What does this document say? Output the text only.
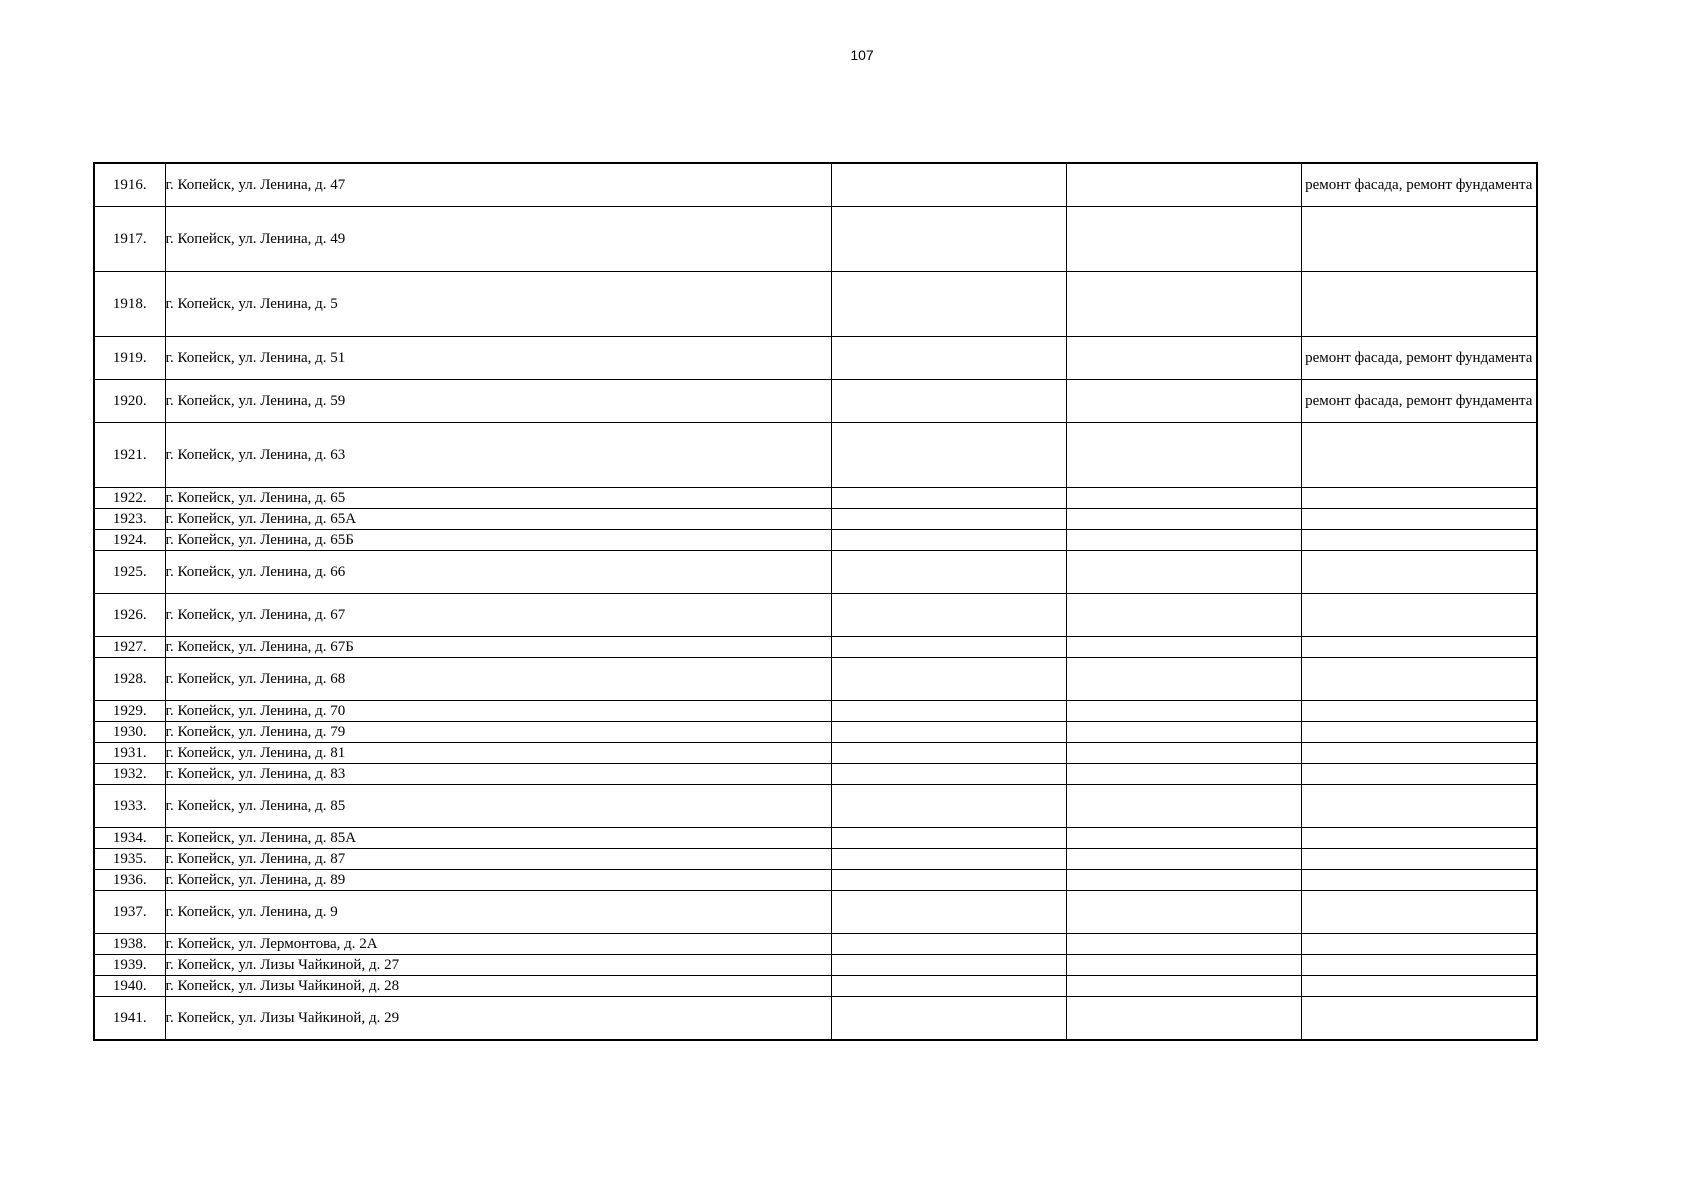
107
1916.	г. Копейск, ул. Ленина, д. 47			ремонт фасада, ремонт фундамента
1917.	г. Копейск, ул. Ленина, д. 49			
1918.	г. Копейск, ул. Ленина, д. 5			
1919.	г. Копейск, ул. Ленина, д. 51			ремонт фасада, ремонт фундамента
1920.	г. Копейск, ул. Ленина, д. 59			ремонт фасада, ремонт фундамента
1921.	г. Копейск, ул. Ленина, д. 63			
1922.	г. Копейск, ул. Ленина, д. 65			
1923.	г. Копейск, ул. Ленина, д. 65А			
1924.	г. Копейск, ул. Ленина, д. 65Б			
1925.	г. Копейск, ул. Ленина, д. 66			
1926.	г. Копейск, ул. Ленина, д. 67			
1927.	г. Копейск, ул. Ленина, д. 67Б			
1928.	г. Копейск, ул. Ленина, д. 68			
1929.	г. Копейск, ул. Ленина, д. 70			
1930.	г. Копейск, ул. Ленина, д. 79			
1931.	г. Копейск, ул. Ленина, д. 81			
1932.	г. Копейск, ул. Ленина, д. 83			
1933.	г. Копейск, ул. Ленина, д. 85			
1934.	г. Копейск, ул. Ленина, д. 85А			
1935.	г. Копейск, ул. Ленина, д. 87			
1936.	г. Копейск, ул. Ленина, д. 89			
1937.	г. Копейск, ул. Ленина, д. 9			
1938.	г. Копейск, ул. Лермонтова, д. 2А			
1939.	г. Копейск, ул. Лизы Чайкиной, д. 27			
1940.	г. Копейск, ул. Лизы Чайкиной, д. 28			
1941.	г. Копейск, ул. Лизы Чайкиной, д. 29			
